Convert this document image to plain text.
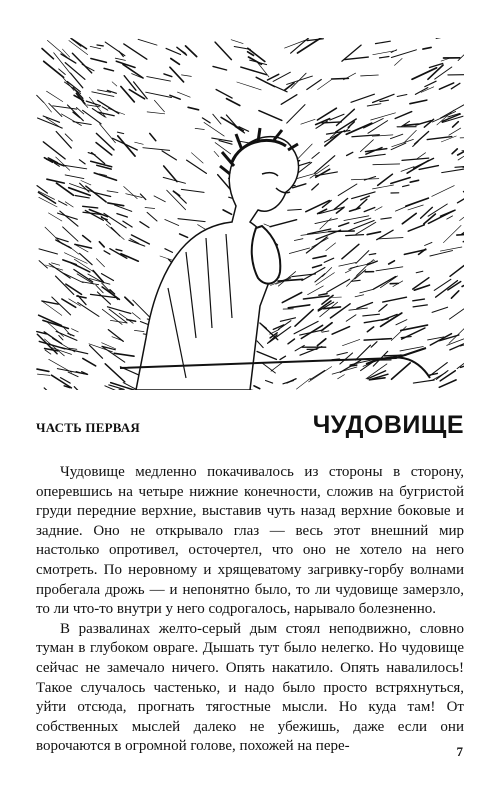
ЧАСТЬ ПЕРВАЯ	ЧУДОВИЩЕ

Чудовище медленно покачивалось из стороны в сторону, оперевшись на четыре нижние конечности, сложив на бугристой груди передние верхние, выставив чуть назад верхние боковые и задние. Оно не открывало глаз — весь этот внешний мир настолько опротивел, осточертел, что оно не хотело на него смотреть. По неровному и хрящеватому загривку-горбу волнами пробегала дрожь — и непонятно было, то ли чудовище замерзло, то ли что-то внутри у него содрогалось, нарывало болезненно.

В развалинах желто-серый дым стоял неподвижно, словно туман в глубоком овраге. Дышать тут было нелегко. Но чудовище сейчас не замечало ничего. Опять накатило. Опять навалилось! Такое случалось частенько, и надо было просто встряхнуться, уйти отсюда, прогнать тягостные мысли. Но куда там! От собственных мыслей далеко не убежишь, даже если они ворочаются в огромной голове, похожей на пере-	7
